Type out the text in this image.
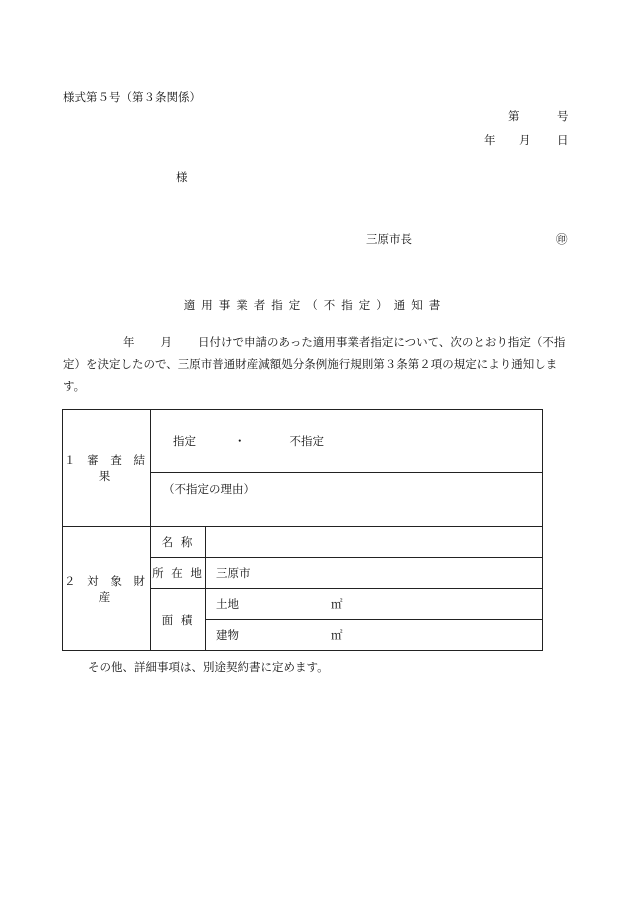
様式第５号（第３条関係）
第	号
年 月 日
様
三原市長	㊞
適用事業者指定（不指定）通知書
年 月 日付けで申請のあった適用事業者指定について、次のとおり指定（不指定）を決定したので、三原市普通財産減額処分条例施行規則第３条第２項の規定により通知します。
１ 審 査 結 果	指定 ・ 不指定	
	（不指定の理由）	
２ 対 象 財 産	名 称	
	所 在 地	三原市
	面 積	土地 ㎡
		建物 ㎡
その他、詳細事項は、別途契約書に定めます。
